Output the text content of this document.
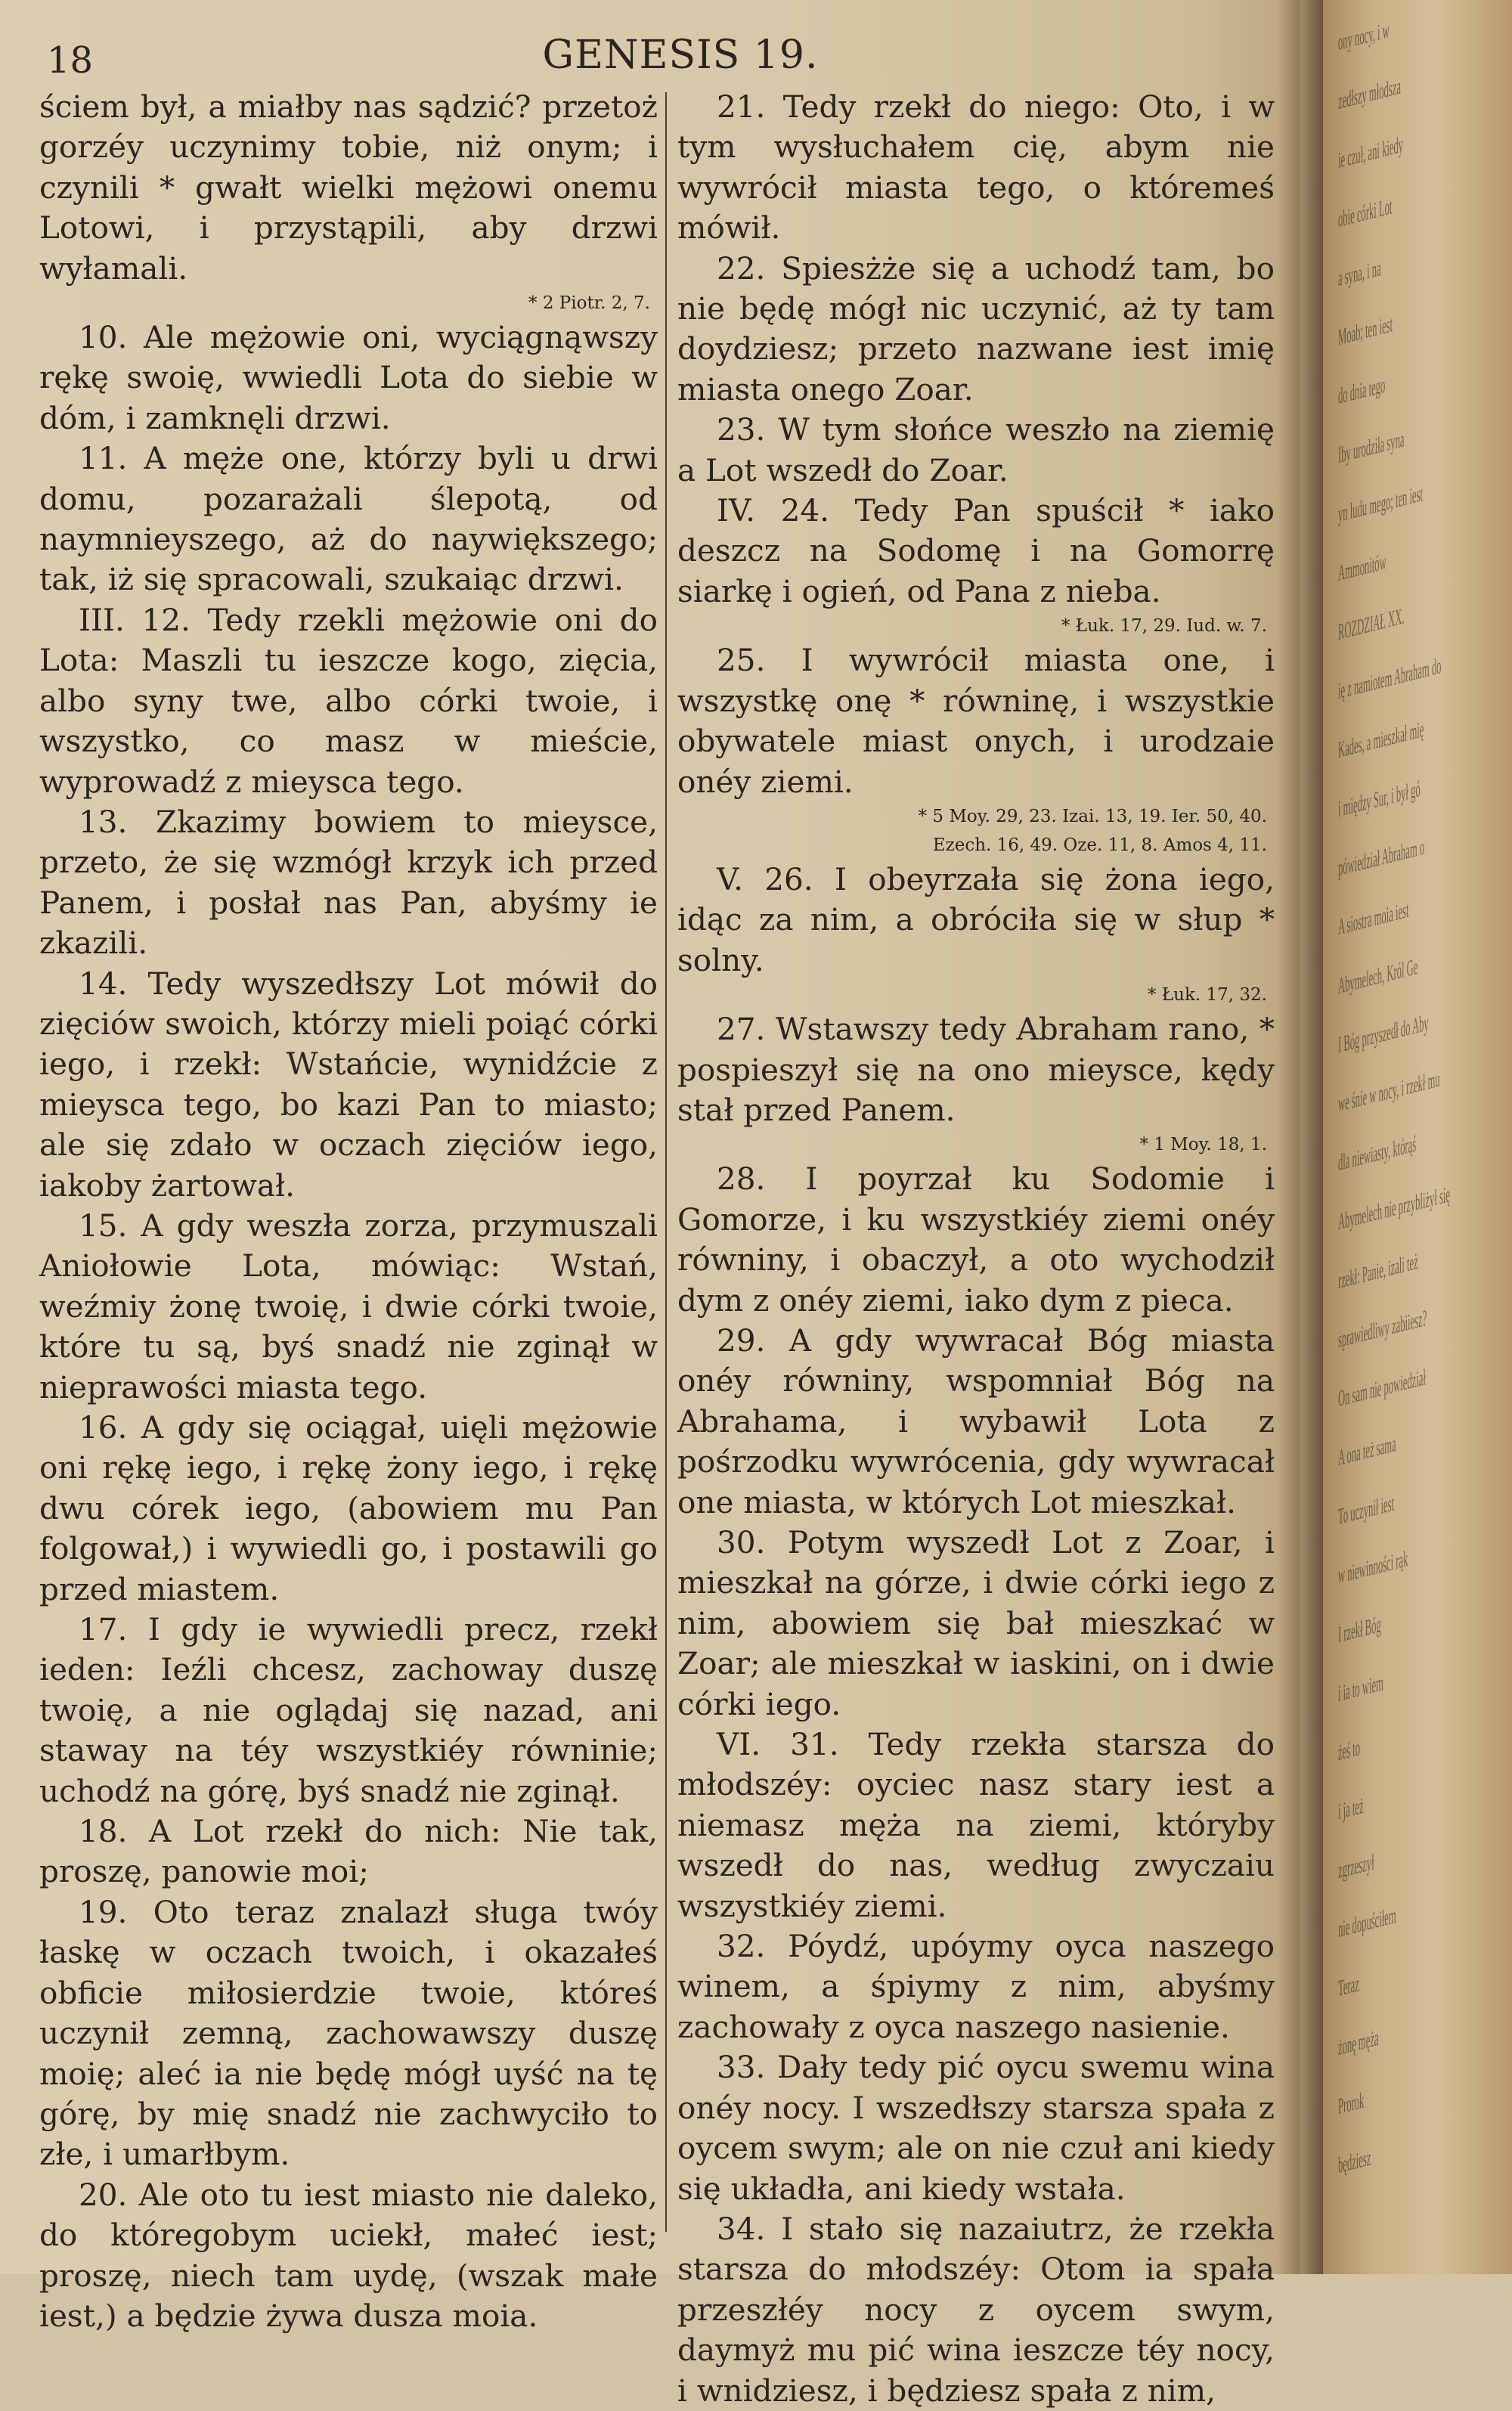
18	GENESIS 19.

ściem był, a miałby nas sądzić? przetoż gorzéy uczynimy tobie, niż onym; i czynili * gwałt wielki mężowi onemu Lotowi, i przystąpili, aby drzwi wyłamali.

* 2 Piotr. 2, 7.

10. Ale mężowie oni, wyciągnąwszy rękę swoię, wwiedli Lota do siebie w dóm, i zamknęli drzwi.

11. A męże one, którzy byli u drwi domu, pozarażali ślepotą, od naymnieyszego, aż do naywiększego; tak, iż się spracowali, szukaiąc drzwi.

III. 12. Tedy rzekli mężowie oni do Lota: Maszli tu ieszcze kogo, zięcia, albo syny twe, albo córki twoie, i wszystko, co masz w mieście, wyprowadź z mieysca tego.

13. Zkazimy bowiem to mieysce, przeto, że się wzmógł krzyk ich przed Panem, i posłał nas Pan, abyśmy ie zkazili.

14. Tedy wyszedłszy Lot mówił do zięciów swoich, którzy mieli poiąć córki iego, i rzekł: Wstańcie, wynidźcie z mieysca tego, bo kazi Pan to miasto; ale się zdało w oczach zięciów iego, iakoby żartował.

15. A gdy weszła zorza, przymuszali Aniołowie Lota, mówiąc: Wstań, weźmiy żonę twoię, i dwie córki twoie, które tu są, byś snadź nie zginął w nieprawości miasta tego.

16. A gdy się ociągał, uięli mężowie oni rękę iego, i rękę żony iego, i rękę dwu córek iego, (abowiem mu Pan folgował,) i wywiedli go, i postawili go przed miastem.

17. I gdy ie wywiedli precz, rzekł ieden: Ieźli chcesz, zachoway duszę twoię, a nie oglądaj się nazad, ani staway na téy wszystkiéy równinie; uchodź na górę, byś snadź nie zginął.

18. A Lot rzekł do nich: Nie tak, proszę, panowie moi;

19. Oto teraz znalazł sługa twóy łaskę w oczach twoich, i okazałeś obficie miłosierdzie twoie, któreś uczynił zemną, zachowawszy duszę moię; aleć ia nie będę mógł uyść na tę górę, by mię snadź nie zachwyciło to złe, i umarłbym.

20. Ale oto tu iest miasto nie daleko, do któregobym uciekł, małeć iest; proszę, niech tam uydę, (wszak małe iest,) a będzie żywa dusza moia.

21. Tedy rzekł do niego: Oto, i w tym wysłuchałem cię, abym nie wywrócił miasta tego, o któremeś mówił.

22. Spiesżże się a uchodź tam, bo nie będę mógł nic uczynić, aż ty tam doydziesz; przeto nazwane iest imię miasta onego Zoar.

23. W tym słońce weszło na ziemię a Lot wszedł do Zoar.

IV. 24. Tedy Pan spuścił * iako deszcz na Sodomę i na Gomorrę siarkę i ogień, od Pana z nieba.

* Łuk. 17, 29. Iud. w. 7.

25. I wywrócił miasta one, i wszystkę onę * równinę, i wszystkie obywatele miast onych, i urodzaie onéy ziemi.

* 5 Moy. 29, 23. Izai. 13, 19. Ier. 50, 40.

Ezech. 16, 49. Oze. 11, 8. Amos 4, 11.

V. 26. I obeyrzała się żona iego, idąc za nim, a obróciła się w słup * solny.

* Łuk. 17, 32.

27. Wstawszy tedy Abraham rano, * pospieszył się na ono mieysce, kędy stał przed Panem.

* 1 Moy. 18, 1.

28. I poyrzał ku Sodomie i Gomorze, i ku wszystkiéy ziemi onéy równiny, i obaczył, a oto wychodził dym z onéy ziemi, iako dym z pieca.

29. A gdy wywracał Bóg miasta onéy równiny, wspomniał Bóg na Abrahama, i wybawił Lota z pośrzodku wywrócenia, gdy wywracał one miasta, w których Lot mieszkał.

30. Potym wyszedł Lot z Zoar, i mieszkał na górze, i dwie córki iego z nim, abowiem się bał mieszkać w Zoar; ale mieszkał w iaskini, on i dwie córki iego.

VI. 31. Tedy rzekła starsza do młodszéy: oyciec nasz stary iest a niemasz męża na ziemi, któryby wszedł do nas, według zwyczaiu wszystkiéy ziemi.

32. Póydź, upóymy oyca naszego winem, a śpiymy z nim, abyśmy zachowały z oyca naszego nasienie.

33. Dały tedy pić oycu swemu wina onéy nocy. I wszedłszy starsza spała z oycem swym; ale on nie czuł ani kiedy się układła, ani kiedy wstała.

34. I stało się nazaiutrz, że rzekła starsza do młodszéy: Otom ia spała przeszłéy nocy z oycem swym, daymyż mu pić wina ieszcze téy nocy, i wnidziesz, i będziesz spała z nim,

ony nocy, i w
zedłszy młodsza
ie czuł, ani kiedy
obie córki Lot
a syna, i na
Moab; ten iest
do dnia tego
Iby urodziła syna
yn ludu mego; ten iest
Ammonitów
ROZDZIAŁ XX.
ię z namiotem Abraham do
Kades, a mieszkał mię
i między Sur, i był gó
pówiedział Abraham o
A siostra moia iest
Abymelech, Król Ge
I Bóg przyszedł do Aby
we śnie w nocy, i rzekł mu
dla niewiasty, którąś
Abymelech nie przybliżył się
rzekł: Panie, izali też
sprawiedliwy zabiiesz?
On sam nie powiedział
A ona też sama
To uczynił iest
w niewinności rąk
I rzekł Bóg
i ia to wiem
żeś to
i ja też
zgrzeszył
nie dopuściłem
Teraz
żonę męża
Prorok
będziesz
